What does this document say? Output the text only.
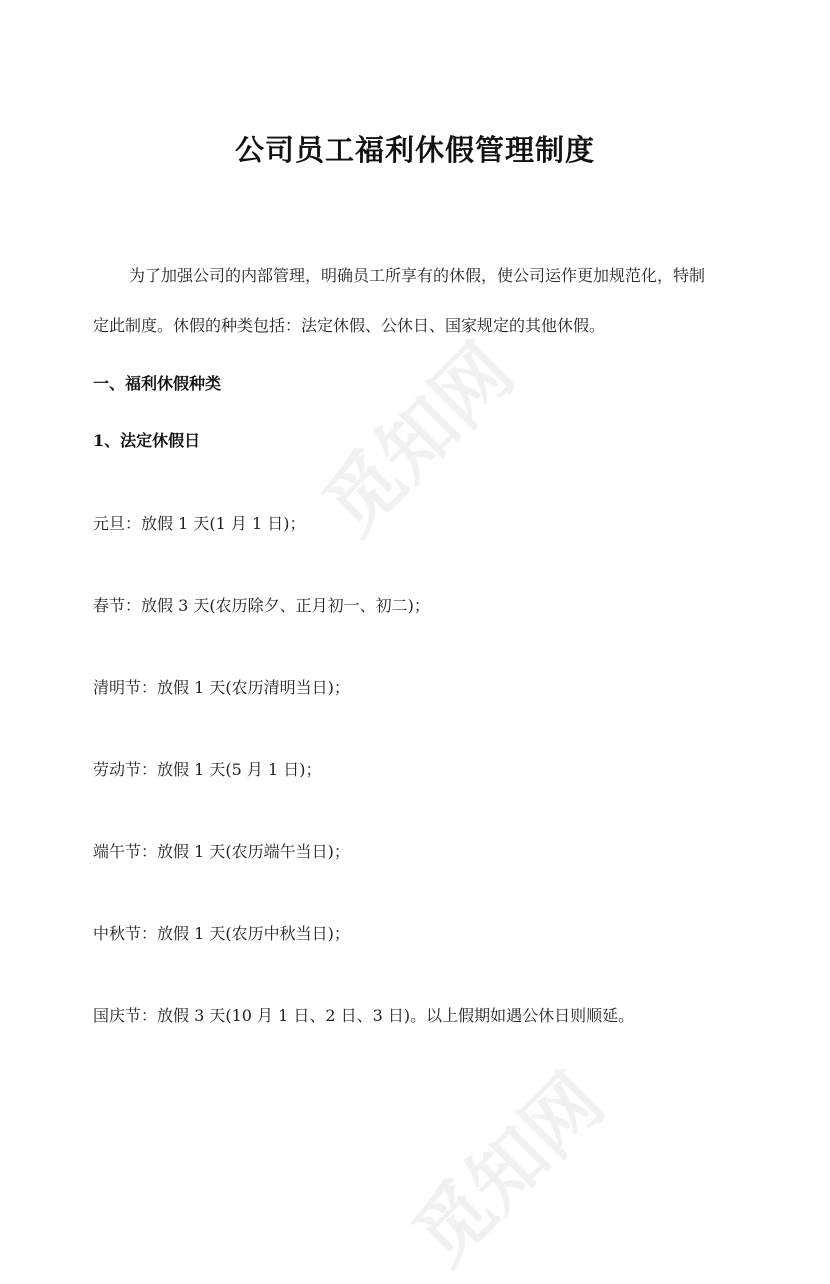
觅知网
觅知网
公司员工福利休假管理制度
为了加强公司的内部管理，明确员工所享有的休假，使公司运作更加规范化，特制
定此制度。休假的种类包括：法定休假、公休日、国家规定的其他休假。
一、福利休假种类
1、法定休假日
元旦：放假 1 天(1 月 1 日)；
春节：放假 3 天(农历除夕、正月初一、初二)；
清明节：放假 1 天(农历清明当日)；
劳动节：放假 1 天(5 月 1 日)；
端午节：放假 1 天(农历端午当日)；
中秋节：放假 1 天(农历中秋当日)；
国庆节：放假 3 天(10 月 1 日、2 日、3 日)。以上假期如遇公休日则顺延。
